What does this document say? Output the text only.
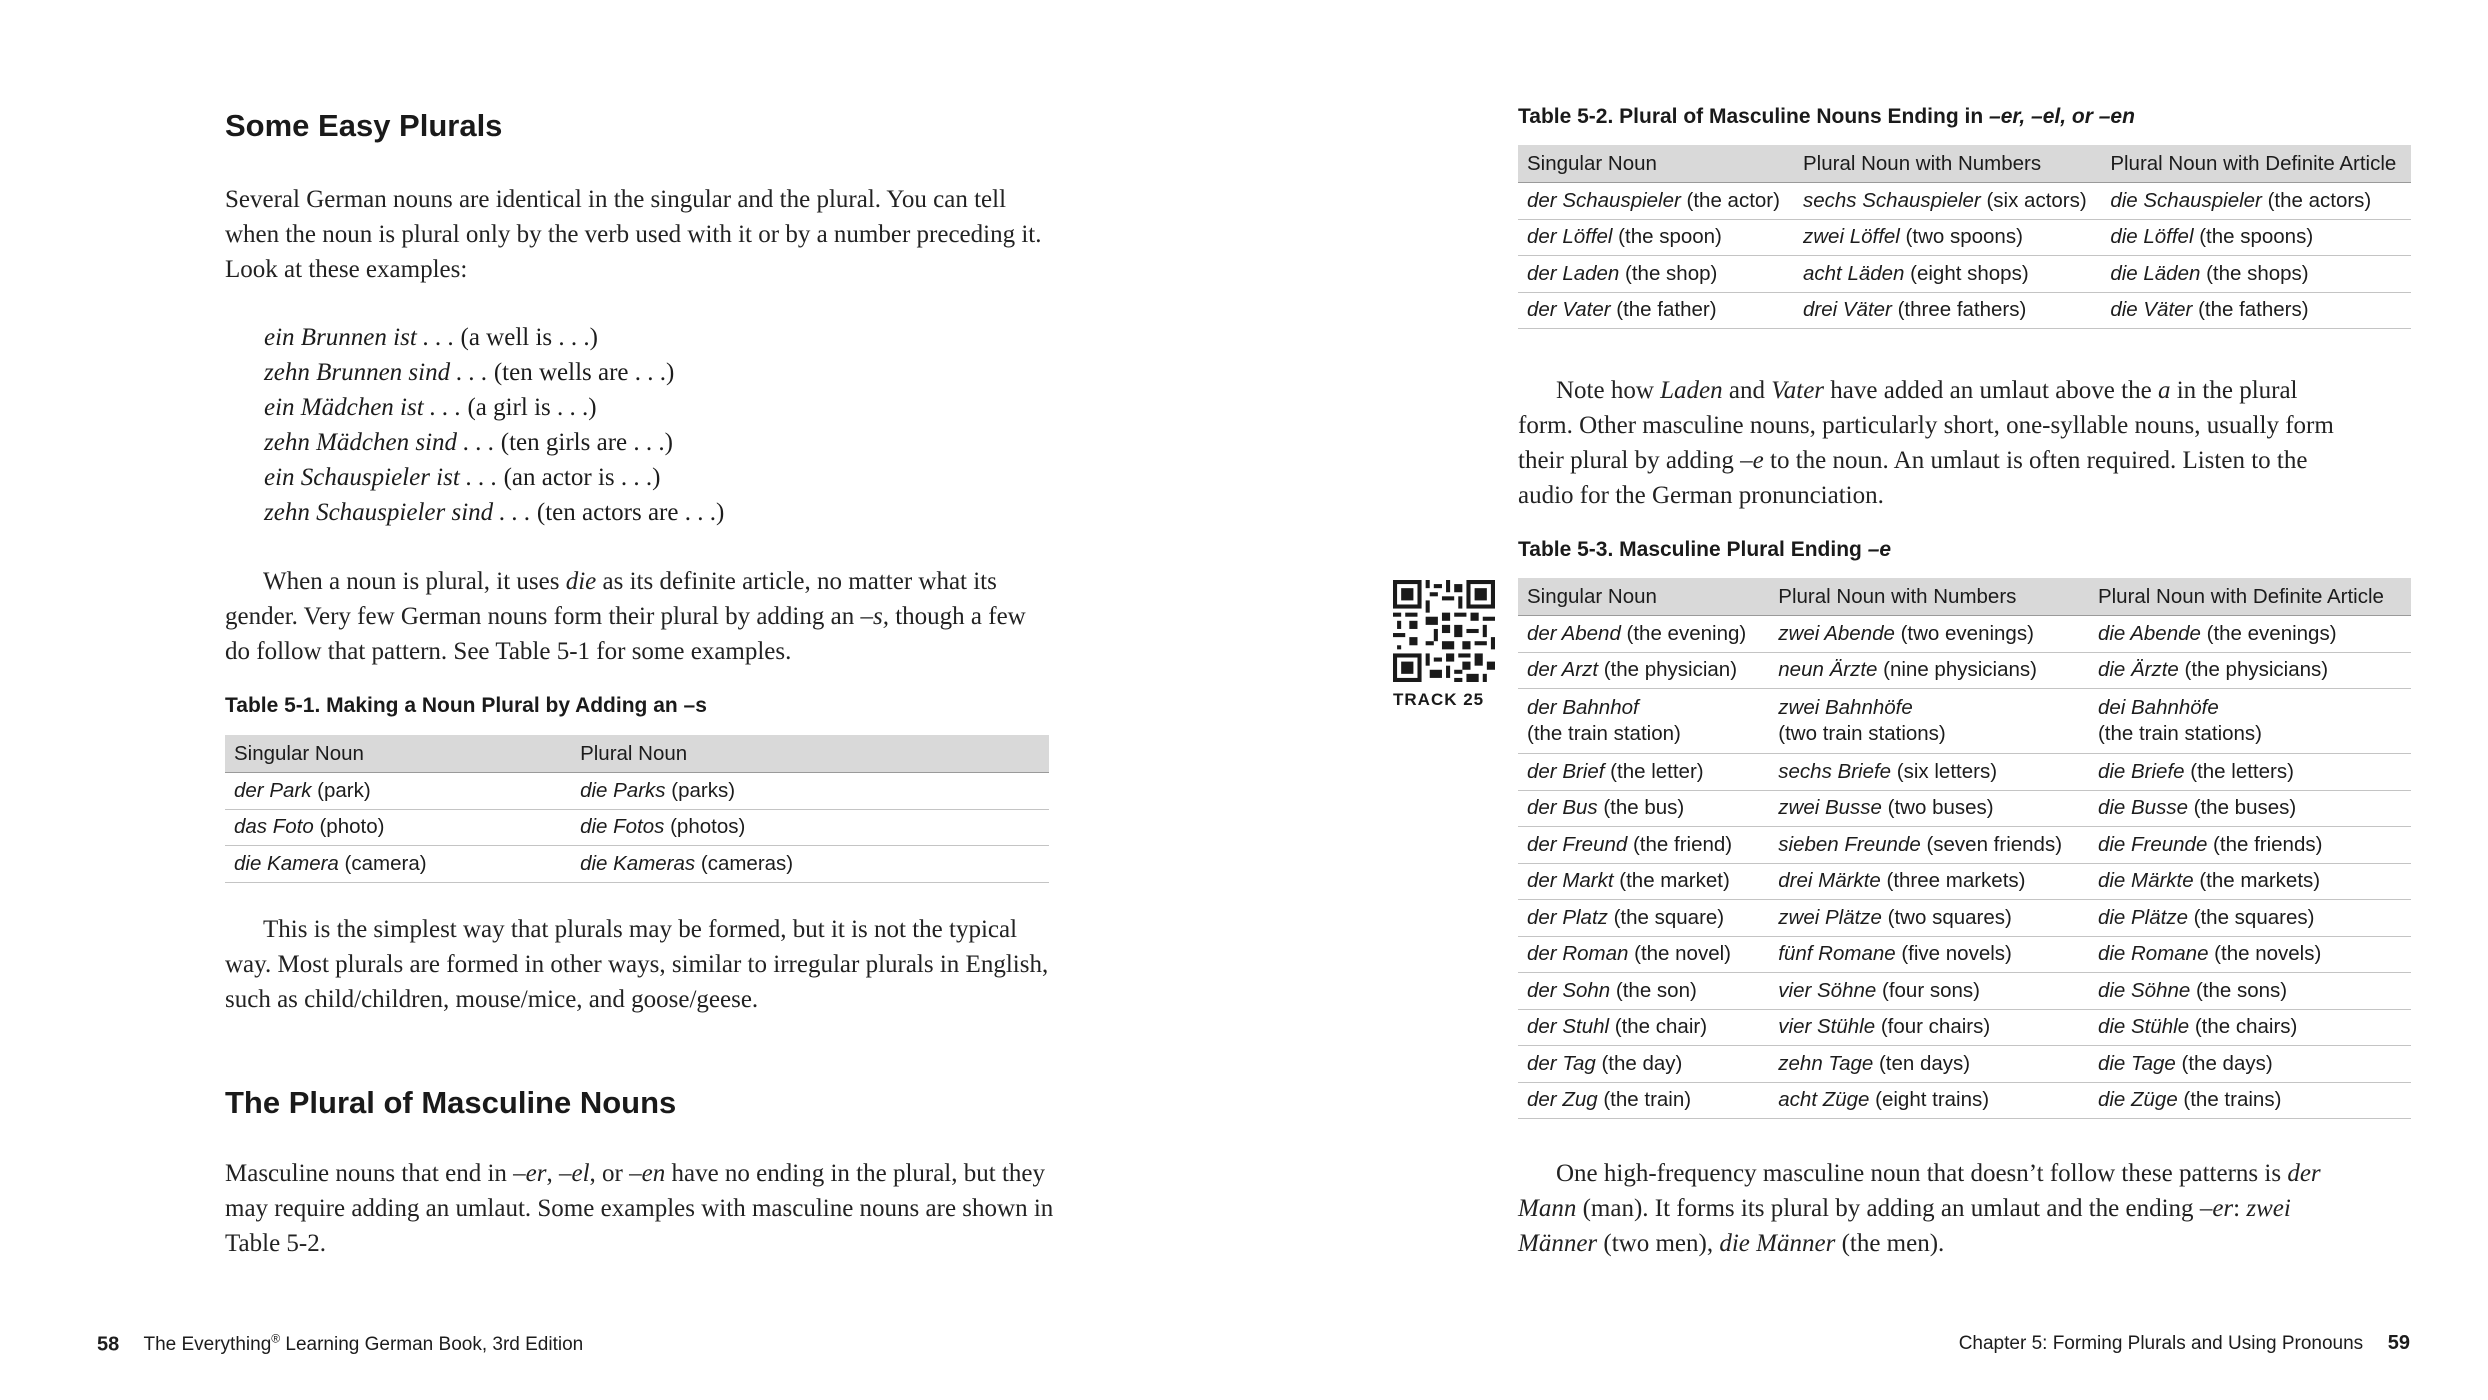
Some Easy Plurals

Several German nouns are identical in the singular and the plural. You can tell when the noun is plural only by the verb used with it or by a number preceding it. Look at these examples:

ein Brunnen ist . . . (a well is . . .)
zehn Brunnen sind . . . (ten wells are . . .)
ein Mädchen ist . . . (a girl is . . .)
zehn Mädchen sind . . . (ten girls are . . .)
ein Schauspieler ist . . . (an actor is . . .)
zehn Schauspieler sind . . . (ten actors are . . .)

When a noun is plural, it uses die as its definite article, no matter what its gender. Very few German nouns form their plural by adding an –s, though a few do follow that pattern. See Table 5-1 for some examples.

Table 5-1. Making a Noun Plural by Adding an –s
Singular Noun	Plural Noun
der Park (park)	die Parks (parks)
das Foto (photo)	die Fotos (photos)
die Kamera (camera)	die Kameras (cameras)

This is the simplest way that plurals may be formed, but it is not the typical way. Most plurals are formed in other ways, similar to irregular plurals in English, such as child/children, mouse/mice, and goose/geese.

The Plural of Masculine Nouns

Masculine nouns that end in –er, –el, or –en have no ending in the plural, but they may require adding an umlaut. Some examples with masculine nouns are shown in Table 5-2.

Table 5-2. Plural of Masculine Nouns Ending in –er, –el, or –en
Singular Noun	Plural Noun with Numbers	Plural Noun with Definite Article
der Schauspieler (the actor)	sechs Schauspieler (six actors)	die Schauspieler (the actors)
der Löffel (the spoon)	zwei Löffel (two spoons)	die Löffel (the spoons)
der Laden (the shop)	acht Läden (eight shops)	die Läden (the shops)
der Vater (the father)	drei Väter (three fathers)	die Väter (the fathers)

Note how Laden and Vater have added an umlaut above the a in the plural form. Other masculine nouns, particularly short, one-syllable nouns, usually form their plural by adding –e to the noun. An umlaut is often required. Listen to the audio for the German pronunciation.

Table 5-3. Masculine Plural Ending –e
TRACK 25
Singular Noun	Plural Noun with Numbers	Plural Noun with Definite Article
der Abend (the evening)	zwei Abende (two evenings)	die Abende (the evenings)
der Arzt (the physician)	neun Ärzte (nine physicians)	die Ärzte (the physicians)
der Bahnhof
(the train station)	zwei Bahnhöfe
(two train stations)	dei Bahnhöfe
(the train stations)
der Brief (the letter)	sechs Briefe (six letters)	die Briefe (the letters)
der Bus (the bus)	zwei Busse (two buses)	die Busse (the buses)
der Freund (the friend)	sieben Freunde (seven friends)	die Freunde (the friends)
der Markt (the market)	drei Märkte (three markets)	die Märkte (the markets)
der Platz (the square)	zwei Plätze (two squares)	die Plätze (the squares)
der Roman (the novel)	fünf Romane (five novels)	die Romane (the novels)
der Sohn (the son)	vier Söhne (four sons)	die Söhne (the sons)
der Stuhl (the chair)	vier Stühle (four chairs)	die Stühle (the chairs)
der Tag (the day)	zehn Tage (ten days)	die Tage (the days)
der Zug (the train)	acht Züge (eight trains)	die Züge (the trains)

One high-frequency masculine noun that doesn’t follow these patterns is der Mann (man). It forms its plural by adding an umlaut and the ending –er: zwei Männer (two men), die Männer (the men).

58 The Everything® Learning German Book, 3rd Edition	Chapter 5: Forming Plurals and Using Pronouns 59
